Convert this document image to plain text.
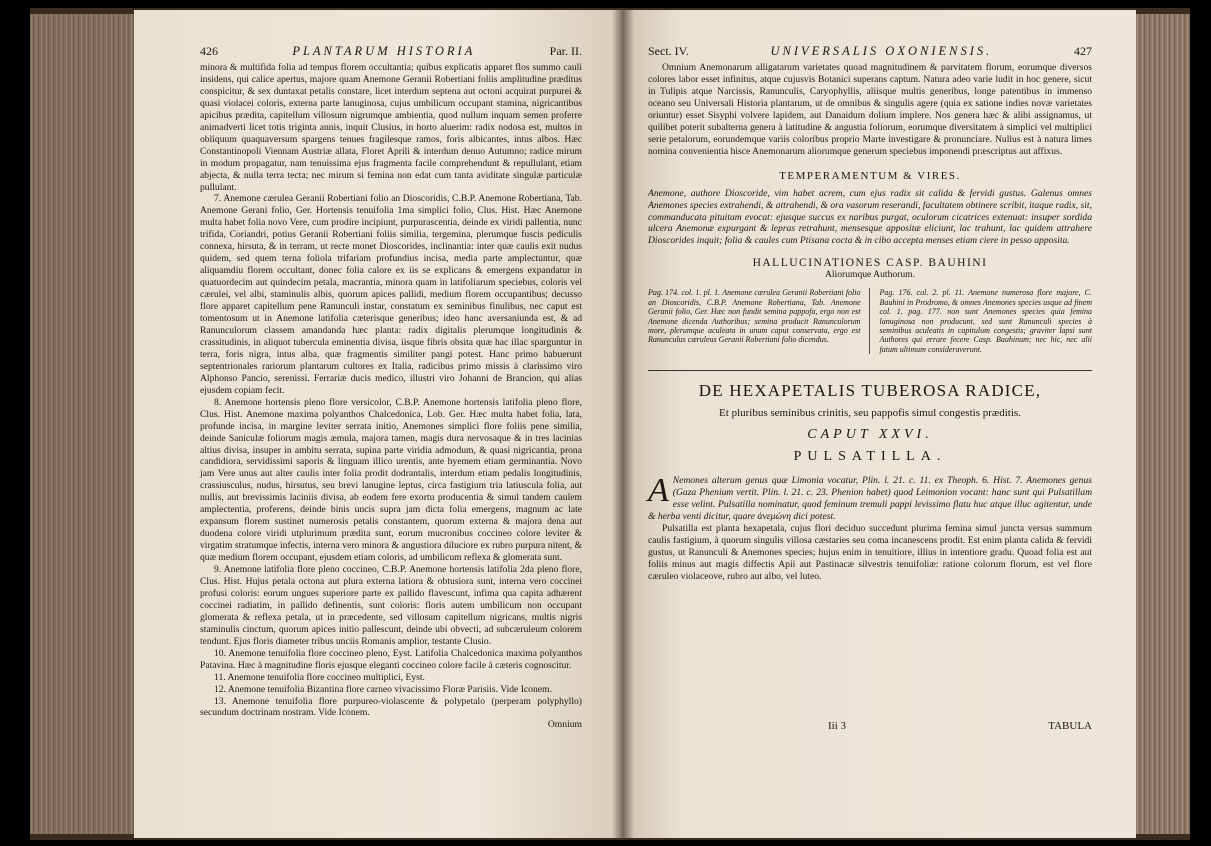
426	PLANTARUM HISTORIA	Par. II.

minora & multifida folia ad tempus florem occultantia; quibus explicatis apparet flos summo cauli insidens, qui calice apertus, majore quam Anemone Geranii Robertiani foliis amplitudine præditus conspicitur, & sex duntaxat petalis constare, licet interdum septena aut octoni acquirat purpurei & quasi violacei coloris, externa parte lanuginosa, cujus umbilicum occupant stamina, nigricantibus apicibus prædita, capitellum villosum nigrumque ambientia, quod nullum inquam semen proferre animadverti licet totis triginta annis, inquit Clusius, in horto aluerim: radix nodosa est, multos in obliquum quaquaversum spargens tenues fragilesque ramos, foris albicantes, intus albos. Hæc Constantinopoli Viennam Austriæ allata, Floret Aprili & interdum denuo Autumno; radice mirum in modum propagatur, nam tenuissima ejus fragmenta facile comprehendunt & repullulant, etiam abjecta, & nulla terra tecta; nec mirum si femina non edat cum tanta aviditate singulæ particulæ pullulant.

7. Anemone cærulea Geranii Robertiani folio an Dioscoridis, C.B.P. Anemone Robertiana, Tab. Anemone Gerani folio, Ger. Hortensis tenuifolia 1ma simplici folio, Clus. Hist. Hæc Anemone multa habet folia novo Vere, cum prodire incipiunt, purpurascentia, deinde ex viridi pallentia, nunc trifida, Coriandri, potius Geranii Robertiani foliis similia, tergemina, plerumque fuscis pediculis connexa, hirsuta, & in terram, ut recte monet Dioscorides, inclinantia: inter quæ caulis exit nudus quidem, sed quem terna foliola trifariam profundius incisa, media parte amplectuntur, quæ aliquamdiu florem occultant, donec folia calore ex iis se explicans & emergens expandatur in quatuordecim aut quindecim petala, macrantia, minora quam in latifoliarum speciebus, coloris vel cærulei, vel albi, staminulis albis, quorum apices pallidi, medium florem occupantibus; decusso flore apparet capitellum pene Ranunculi instar, constatum ex seminibus finulibus, nec caput est tomentosum ut in Anemone latifolia cæterisque generibus; ideo hanc aversaniunda est, & ad Ranunculorum classem amandanda hæc planta: radix digitalis plerumque longitudinis & crassitudinis, in aliquot tubercula eminentia divisa, iisque fibris obsita quæ hac illac sparguntur in terra, foris nigra, intus alba, quæ fragmentis similiter pangi potest. Hanc primo habuerunt septentrionales rariorum plantarum cultores ex Italia, radicibus primo missis à clarissimo viro Alphonso Pancio, serenissi. Ferrariæ ducis medico, illustri viro Johanni de Brancion, qui alias ejusdem copiam fecit.

8. Anemone hortensis pleno flore versicolor, C.B.P. Anemone hortensis latifolia pleno flore, Clus. Hist. Anemone maxima polyanthos Chalcedonica, Lob. Ger. Hæc multa habet folia, lata, profunde incisa, in margine leviter serrata initio, Anemones simplici flore foliis pene similia, deinde Saniculæ foliorum magis æmula, majora tamen, magis dura nervosaque & in tres lacinias altius divisa, insuper in ambitu serrata, supina parte viridia admodum, & quasi nigricantia, prona candidiora, servidissimi saporis & linguam illico urentis, ante hyemem etiam germinantia. Novo jam Vere unus aut alter caulis inter folia prodit dodrantalis, interdum etiam pedalis longitudinis, crassiusculus, nudus, hirsutus, seu brevi lanugine leptus, circa fastigium tria latiuscula folia, aut nullis, aut brevissimis laciniis divisa, ab eodem fere exortu producentia & simul tandem caulem amplectentia, proferens, deinde binis uncis supra jam dicta folia emergens, magnum ac late expansum florem sustinet numerosis petalis constantem, quorum externa & majora dena aut duodena colore viridi utplurimum prædita sunt, eorum mucronibus coccineo colore leviter & virgatim stratumque infectis, interna vero minora & angustiora diluciore ex rubro purpura nitent, & quæ medium florem occupant, ejusdem etiam coloris, ad umbilicum reflexa & glomerata sunt.

9. Anemone latifolia flore pleno coccineo, C.B.P. Anemone hortensis latifolia 2da pleno flore, Clus. Hist. Hujus petala octona aut plura externa latiora & obtusiora sunt, interna vero coccinei profusi coloris: eorum ungues superiore parte ex pallido flavescunt, infima qua capita adhærent coccinei radiatim, in pallido definentis, sunt coloris: floris autem umbilicum non occupant glomerata & reflexa petala, ut in præcedente, sed villosum capitellum nigricans, multis nigris staminulis cinctum, quorum apices initio pallescunt, deinde ubi obvecti, ad subcæruleum colorem tendunt. Ejus floris diameter tribus unciis Romanis amplior, testante Clusio.

10. Anemone tenuifolia flore coccineo pleno, Eyst. Latifolia Chalcedonica maxima polyanthos Patavina. Hæc à magnitudine floris ejusque eleganti coccineo colore facile à cæteris cognoscitur.

11. Anemone tenuifolia flore coccineo multiplici, Eyst.

12. Anemone tenuifolia Bizantina flore carneo vivacissimo Floræ Parisiis. Vide Iconem.

13. Anemone tenuifolia flore purpureo-violascente & polypetalo (perperam polyphyllo) secundum doctrinam nostram. Vide Iconem.

Omnium
Sect. IV.	UNIVERSALIS OXONIENSIS.	427

Omnium Anemonarum alligatarum varietates quoad magnitudinem & parvitatem florum, eorumque diversos colores labor esset infinitus, atque cujusvis Botanici superans captum. Natura adeo varie ludit in hoc genere, sicut in Tulipis atque Narcissis, Ranunculis, Caryophyllis, aliisque multis generibus, longe patentibus in immenso oceano seu Universali Historia plantarum, ut de omnibus & singulis agere (quia ex satione indies novæ varietates oriuntur) esset Sisyphi volvere lapidem, aut Danaidum dolium implere. Nos genera hæc & alibi assignamus, ut quilibet poterit subalterna genera à latitudine & angustia foliorum, eorumque diversitatem à simplici vel multiplici serie petalorum, eorundemque variis coloribus proprio Marte investigare & pronunciare. Nullus est à natura limes nomina convenientia hisce Anemonarum aliorumque generum speciebus imponendi præscriptus aut affixus.

TEMPERAMENTUM & VIRES.

Anemone, authore Dioscoride, vim habet acrem, cum ejus radix sit calida & fervidi gustus. Galenus omnes Anemones species extrahendi, & attrahendi, & ora vasorum reserandi, facultatem obtinere scribit, itaque radix, sit, commanducata pituitam evocat: ejusque succus ex naribus purgat, oculorum cicatrices extenuat: insuper sordida ulcera Anemonæ expurgant & lepras retrahunt, mensesque appositæ eliciunt, lac trahunt, lac quidem attrahere Dioscorides inquit; folia & caules cum Ptisana cocta & in cibo accepta menses etiam ciere in pesso apposita.

HALLUCINATIONES CASP. BAUHINI
Aliorumque Authorum.
Pag. 174. col. 1. pl. 1. Anemone cærulea Geranii Robertiani folio an Dioscoridis, C.B.P. Anemone Robertiana, Tab. Anemone Geranii folio, Ger. Hæc non fundit semina pappofa, ergo non est Anemone dicenda Authoribus; semina producit Ranunculorum more, plerumque aculeata in unum caput conservata, ergo est Ranunculus cæruleus Geranii Robertiani folio dicendus.
Pag. 176. col. 2. pl. 11. Anemone numerosa flore majore, C. Bauhini in Prodromo, & omnes Anemones species usque ad finem col. 1. pag. 177. non sunt Anemones species quia femina lanuginosa non producunt, sed sunt Ranunculi species à seminibus aculeatis in capitulum congestis; graviter lapsi sunt Authores qui errare fecere Casp. Bauhinum; nec hic, nec alii fatum ultimum consideraverunt.
DE HEXAPETALIS TUBEROSA RADICE,
Et pluribus seminibus crinitis, seu pappofis simul congestis præditis.
CAPUT XXVI.
PULSATILLA.

A Nemones alterum genus quæ Limonia vocatur, Plin. l. 21. c. 11. ex Theoph. 6. Hist. 7. Anemones genus (Gaza Phenium vertit. Plin. l. 21. c. 23. Phenion habet) quod Leimonion vocant: hanc sunt qui Pulsatillam esse velint. Pulsatilla nominatur, quod feminum tremuli pappi levissimo flatu huc atque illuc agitentur, unde & herba venti dicitur, quare ἀνεμώνη dici potest.

Pulsatilla est planta hexapetala, cujus flori deciduo succedunt plurima femina simul juncta versus summum caulis fastigium, à quorum singulis villosa cæstaries seu coma incanescens prodit. Est enim planta calida & fervidi gustus, ut Ranunculi & Anemones species; hujus enim in tenuitiore, illius in intentiore gradu. Quoad folia est aut foliis minus aut magis diffectis Apii aut Pastinacæ silvestris tenuifoliæ: ratione colorum florum, est vel flore cæruleo violaceove, rubro aut albo, vel luteo.

Iii 3	TABULA
